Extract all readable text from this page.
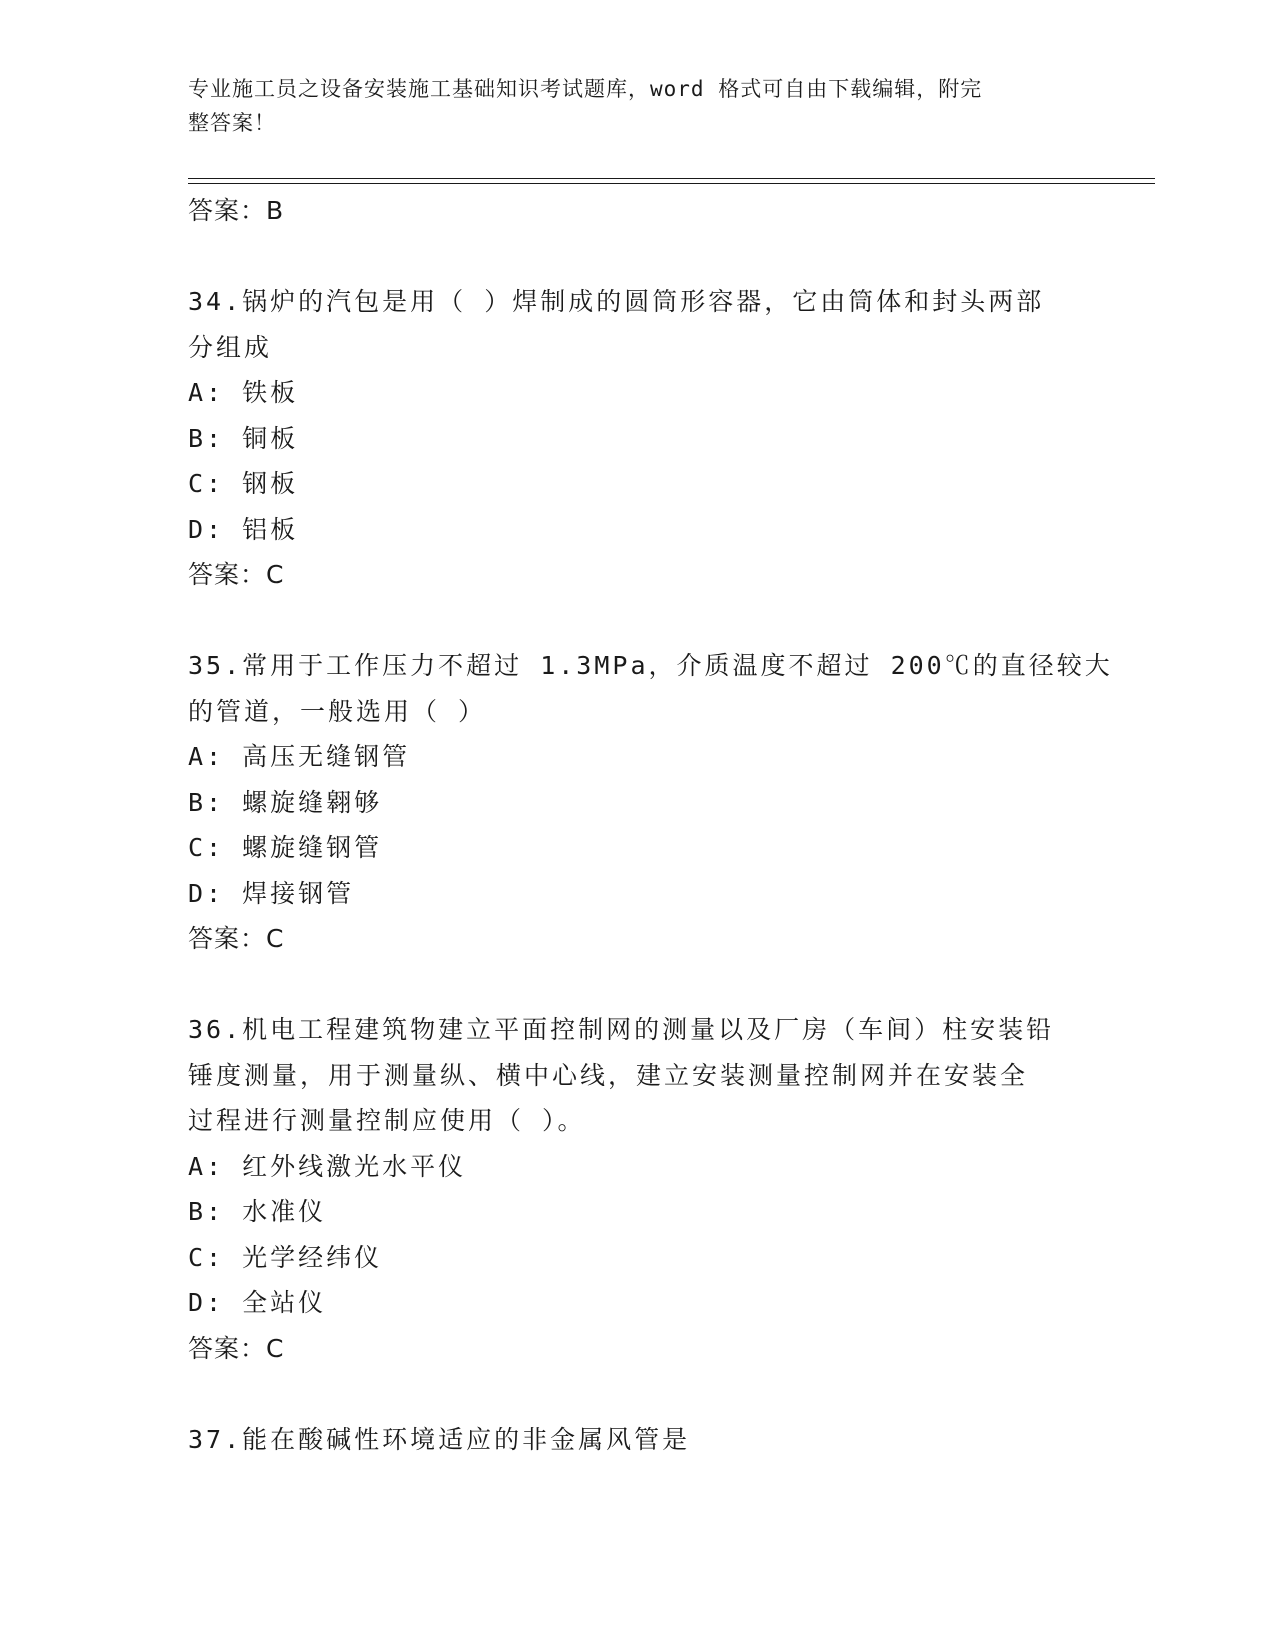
专业施工员之设备安装施工基础知识考试题库，word 格式可自由下载编辑，附完
整答案！
答案：B
34.锅炉的汽包是用（ ）焊制成的圆筒形容器，它由筒体和封头两部
分组成
A: 铁板
B: 铜板
C: 钢板
D: 铝板
答案：C
35.常用于工作压力不超过 1.3MPa，介质温度不超过 200℃的直径较大
的管道，一般选用（ ）
A: 高压无缝钢管
B: 螺旋缝翱够
C: 螺旋缝钢管
D: 焊接钢管
答案：C
36.机电工程建筑物建立平面控制网的测量以及厂房（车间）柱安装铅
锤度测量，用于测量纵、横中心线，建立安装测量控制网并在安装全
过程进行测量控制应使用（ ）。
A: 红外线激光水平仪
B: 水准仪
C: 光学经纬仪
D: 全站仪
答案：C
37.能在酸碱性环境适应的非金属风管是
